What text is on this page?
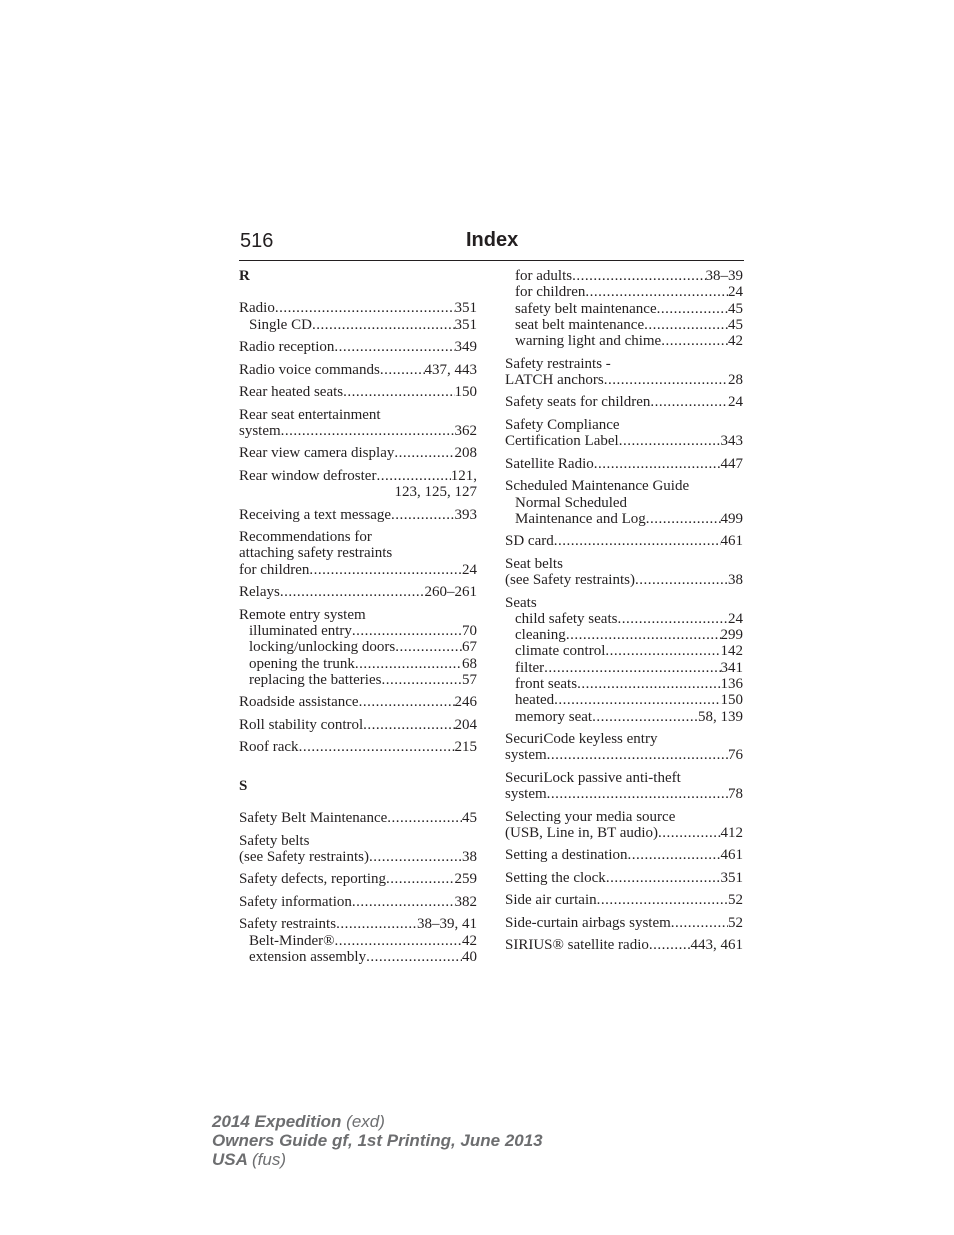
516	Index
R
Radio .....	351
Single CD .....	351
Radio reception .....	349
Radio voice commands .....	437, 443
Rear heated seats .....	150
Rear seat entertainment
system .....	362
Rear view camera display .....	208
Rear window defroster .....	121,
123, 125, 127
Receiving a text message .....	393
Recommendations for
attaching safety restraints
for children .....	24
Relays .....	260–261
Remote entry system
illuminated entry .....	70
locking/unlocking doors .....	67
opening the trunk .....	68
replacing the batteries .....	57
Roadside assistance .....	246
Roll stability control .....	204
Roof rack .....	215
S
Safety Belt Maintenance .....	45
Safety belts
(see Safety restraints) .....	38
Safety defects, reporting .....	259
Safety information .....	382
Safety restraints .....	38–39, 41
Belt-Minder® .....	42
extension assembly .....	40
for adults .....	38–39
for children .....	24
safety belt maintenance .....	45
seat belt maintenance .....	45
warning light and chime .....	42
Safety restraints -
LATCH anchors .....	28
Safety seats for children .....	24
Safety Compliance
Certification Label .....	343
Satellite Radio .....	447
Scheduled Maintenance Guide
Normal Scheduled
Maintenance and Log .....	499
SD card .....	461
Seat belts
(see Safety restraints) .....	38
Seats
child safety seats .....	24
cleaning .....	299
climate control .....	142
filter .....	341
front seats .....	136
heated .....	150
memory seat .....	58, 139
SecuriCode keyless entry
system .....	76
SecuriLock passive anti-theft
system .....	78
Selecting your media source
(USB, Line in, BT audio) .....	412
Setting a destination .....	461
Setting the clock .....	351
Side air curtain .....	52
Side-curtain airbags system .....	52
SIRIUS® satellite radio .....	443, 461
2014 Expedition (exd)
Owners Guide gf, 1st Printing, June 2013
USA (fus)
